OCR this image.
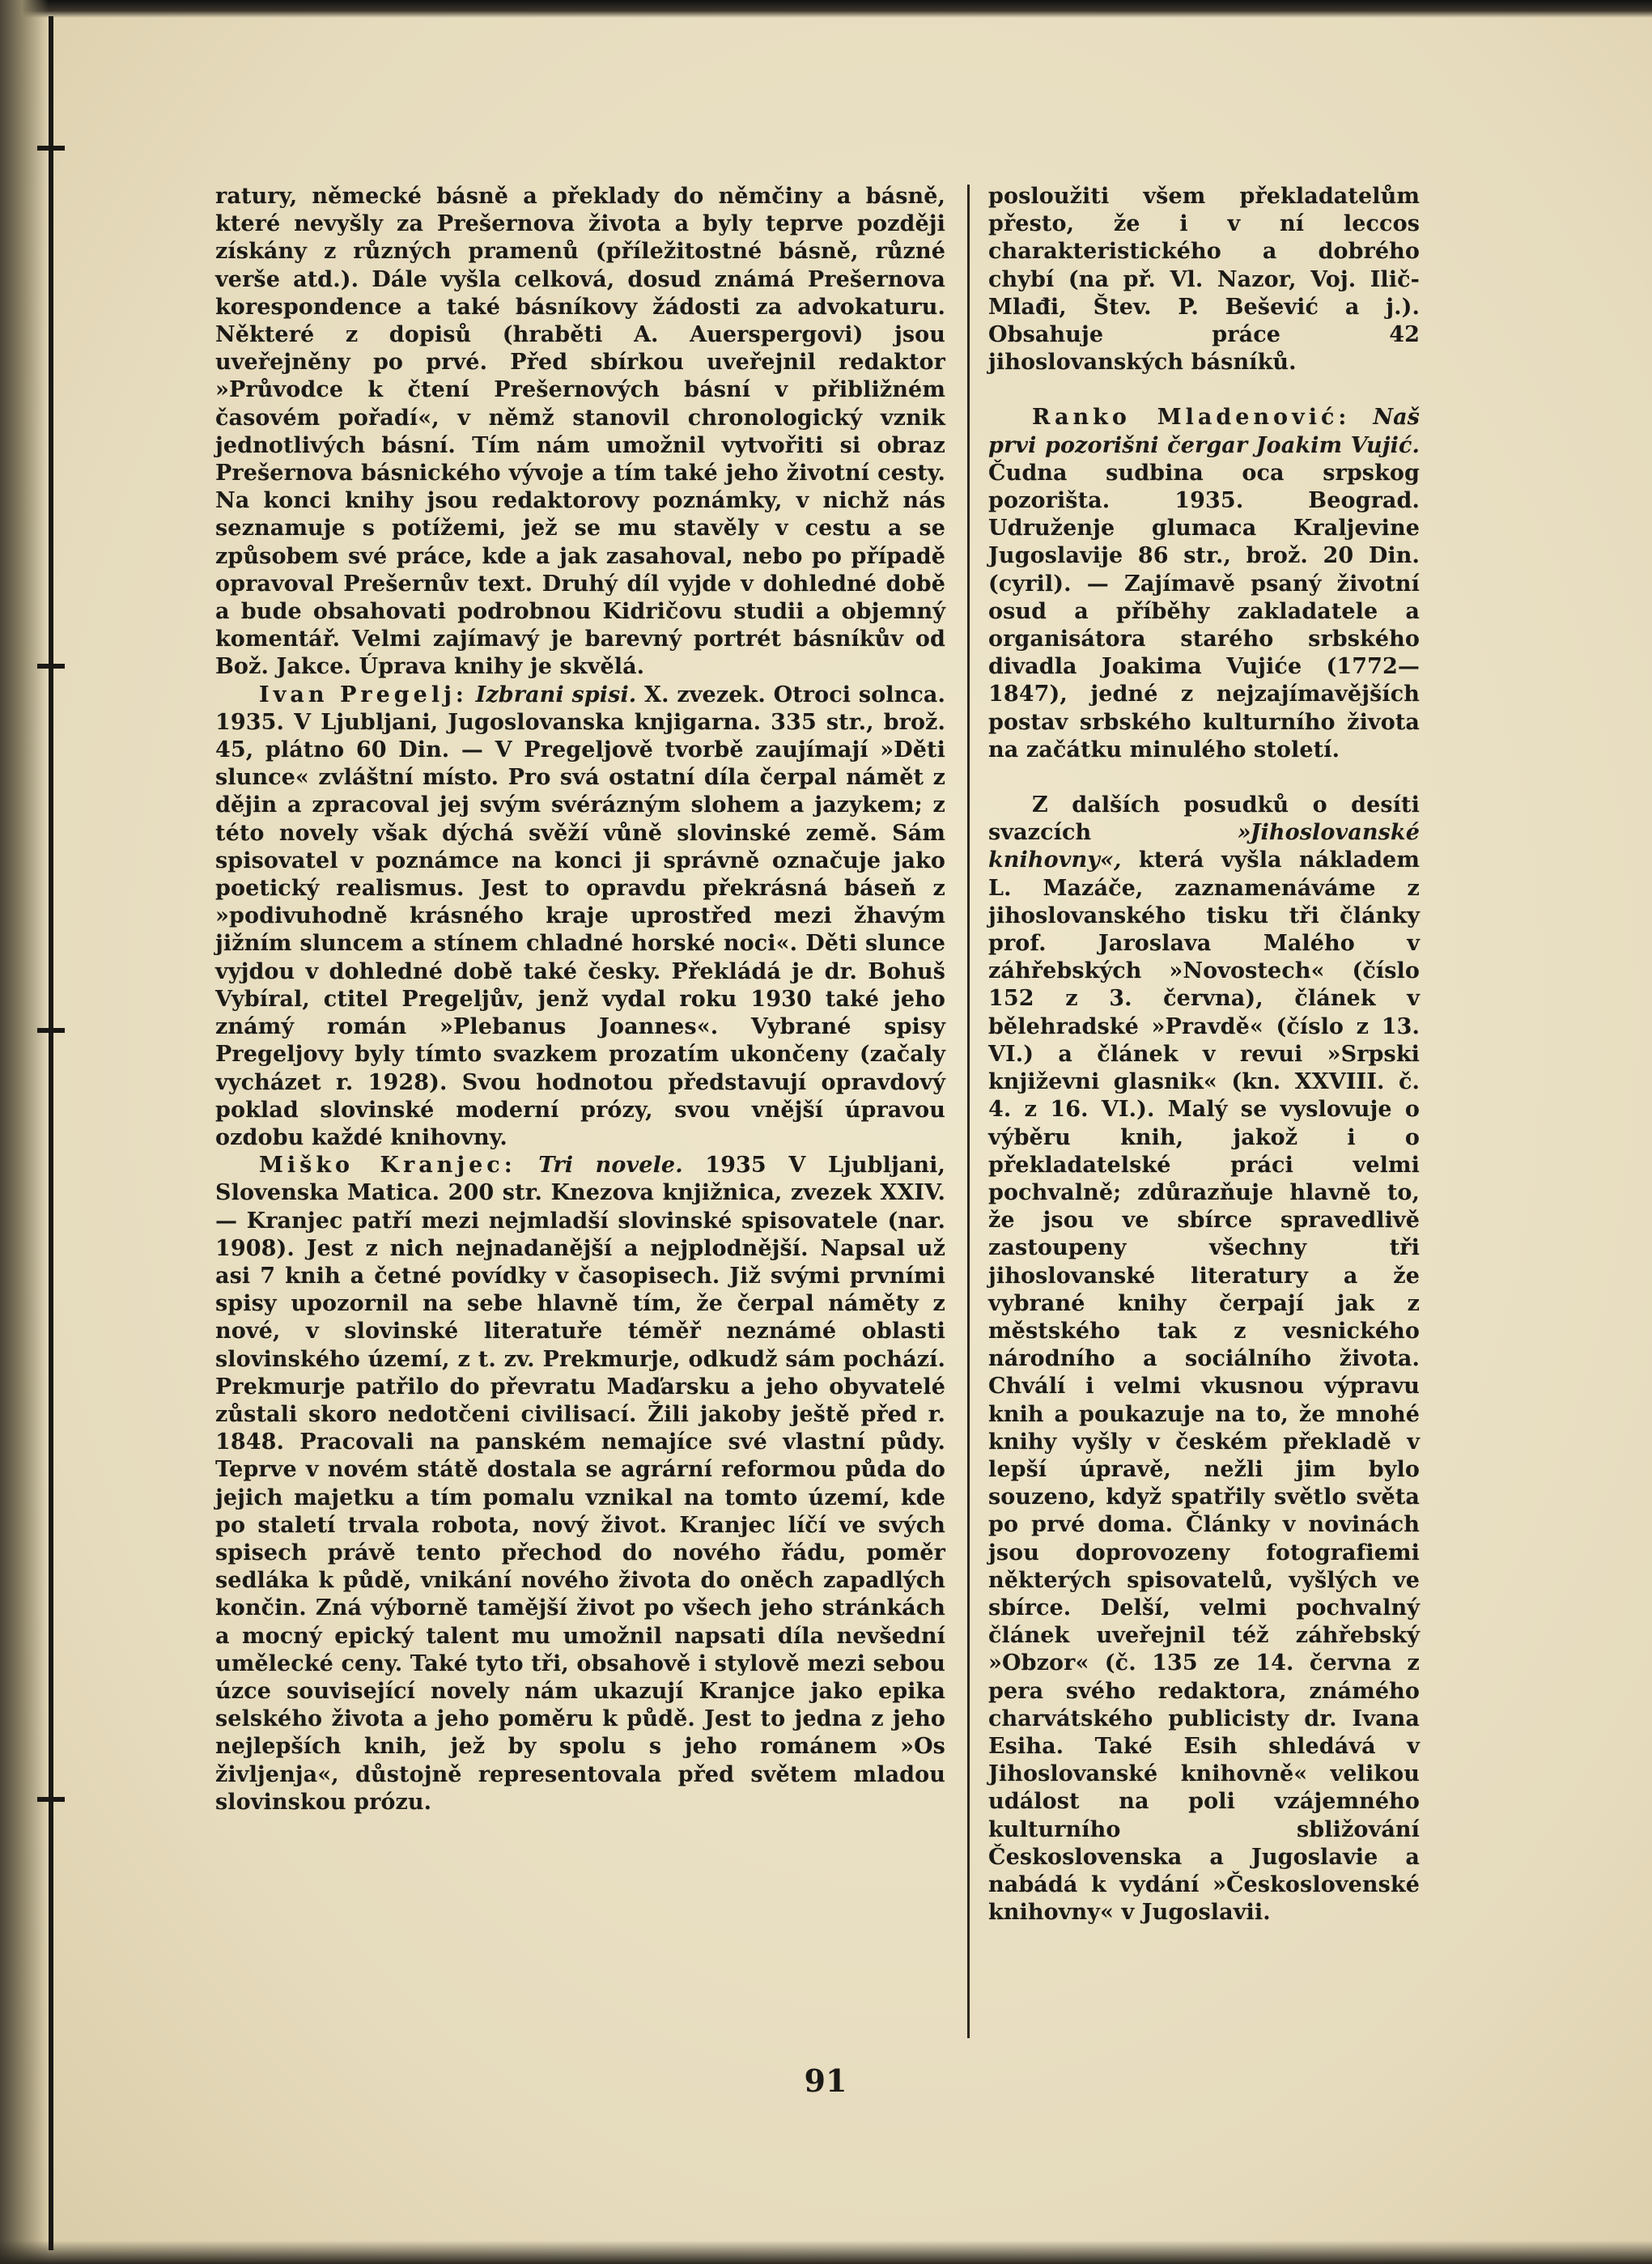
ratury, německé básně a překlady do němčiny a básně, které nevyšly za Prešernova života a byly teprve později získány z různých pramenů (příležitostné básně, různé verše atd.). Dále vyšla celková, dosud známá Prešernova korespondence a také básníkovy žádosti za advokaturu. Některé z dopisů (hraběti A. Auerspergovi) jsou uveřejněny po prvé. Před sbírkou uveřejnil redaktor »Průvodce k čtení Prešernových básní v přibližném časovém pořadí«, v němž stanovil chronologický vznik jednotlivých básní. Tím nám umožnil vytvořiti si obraz Prešernova básnického vývoje a tím také jeho životní cesty. Na konci knihy jsou redaktorovy poznámky, v nichž nás seznamuje s potížemi, jež se mu stavěly v cestu a se způsobem své práce, kde a jak zasahoval, nebo po případě opravoval Prešernův text. Druhý díl vyjde v dohledné době a bude obsahovati podrobnou Kidričovu studii a objemný komentář. Velmi zajímavý je barevný portrét básníkův od Bož. Jakce. Úprava knihy je skvělá.

Ivan Pregelj: Izbrani spisi. X. zvezek. Otroci solnca. 1935. V Ljubljani, Jugoslovanska knjigarna. 335 str., brož. 45, plátno 60 Din. — V Pregeljově tvorbě zaujímají »Děti slunce« zvláštní místo. Pro svá ostatní díla čerpal námět z dějin a zpracoval jej svým svérázným slohem a jazykem; z této novely však dýchá svěží vůně slovinské země. Sám spisovatel v poznámce na konci ji správně označuje jako poetický realismus. Jest to opravdu překrásná báseň z »podivuhodně krásného kraje uprostřed mezi žhavým jižním sluncem a stínem chladné horské noci«. Děti slunce vyjdou v dohledné době také česky. Překládá je dr. Bohuš Vybíral, ctitel Pregeljův, jenž vydal roku 1930 také jeho známý román »Plebanus Joannes«. Vybrané spisy Pregeljovy byly tímto svazkem prozatím ukončeny (začaly vycházet r. 1928). Svou hodnotou představují opravdový poklad slovinské moderní prózy, svou vnější úpravou ozdobu každé knihovny.

Miško Kranjec: Tri novele. 1935 V Ljubljani, Slovenska Matica. 200 str. Knezova knjižnica, zvezek XXIV. — Kranjec patří mezi nejmladší slovinské spisovatele (nar. 1908). Jest z nich nejnadanější a nejplodnější. Napsal už asi 7 knih a četné povídky v časopisech. Již svými prvními spisy upozornil na sebe hlavně tím, že čerpal náměty z nové, v slovinské literatuře téměř neznámé oblasti slovinského území, z t. zv. Prekmurje, odkudž sám pochází. Prekmurje patřilo do převratu Maďarsku a jeho obyvatelé zůstali skoro nedotčeni civilisací. Žili jakoby ještě před r. 1848. Pracovali na panském nemajíce své vlastní půdy. Teprve v novém státě dostala se agrární reformou půda do jejich majetku a tím pomalu vznikal na tomto území, kde po staletí trvala robota, nový život. Kranjec líčí ve svých spisech právě tento přechod do nového řádu, poměr sedláka k půdě, vnikání nového života do oněch zapadlých končin. Zná výborně tamější život po všech jeho stránkách a mocný epický talent mu umožnil napsati díla nevšední umělecké ceny. Také tyto tři, obsahově i stylově mezi sebou úzce související novely nám ukazují Kranjce jako epika selského života a jeho poměru k půdě. Jest to jedna z jeho nejlepších knih, jež by spolu s jeho románem »Os življenja«, důstojně representovala před světem mladou slovinskou prózu.

posloužiti všem překladatelům přesto, že i v ní leccos charakteristického a dobrého chybí (na př. Vl. Nazor, Voj. Ilič-Mlađi, Štev. P. Bešević a j.). Obsahuje práce 42 jihoslovanských básníků.

Ranko Mladenović: Naš prvi pozorišni čergar Joakim Vujić. Čudna sudbina oca srpskog pozorišta. 1935. Beograd. Udruženje glumaca Kraljevine Jugoslavije 86 str., brož. 20 Din. (cyril). — Zajímavě psaný životní osud a příběhy zakladatele a organisátora starého srbského divadla Joakima Vujiće (1772—1847), jedné z nejzajímavějších postav srbského kulturního života na začátku minulého století.

Z dalších posudků o desíti svazcích	»Jihoslovanské knihovny«, která vyšla nákladem L. Mazáče, zaznamenáváme z jihoslovanského tisku tři články prof. Jaroslava Malého v záhřebských »Novostech« (číslo 152 z 3. června), článek v bělehradské »Pravdě« (číslo z 13. VI.) a článek v revui »Srpski književni glasnik« (kn. XXVIII. č. 4. z 16. VI.). Malý se vyslovuje o výběru knih, jakož i o překladatelské práci velmi pochvalně; zdůrazňuje hlavně to, že jsou ve sbírce spravedlivě zastoupeny všechny tři jihoslovanské literatury a že vybrané knihy čerpají jak z městského tak z vesnického národního a sociálního života. Chválí i velmi vkusnou výpravu knih a poukazuje na to, že mnohé knihy vyšly v českém překladě v lepší úpravě, nežli jim bylo souzeno, když spatřily světlo světa po prvé doma. Články v novinách jsou doprovozeny fotografiemi některých spisovatelů, vyšlých ve sbírce. Delší, velmi pochvalný článek uveřejnil též záhřebský »Obzor« (č. 135 ze 14. června z pera svého redaktora, známého charvátského publicisty dr. Ivana Esiha. Také Esih shledává v Jihoslovanské knihovně« velikou událost na poli vzájemného kulturního sbližování Československa a Jugoslavie a nabádá k vydání »Československé knihovny« v Jugoslavii.

91
